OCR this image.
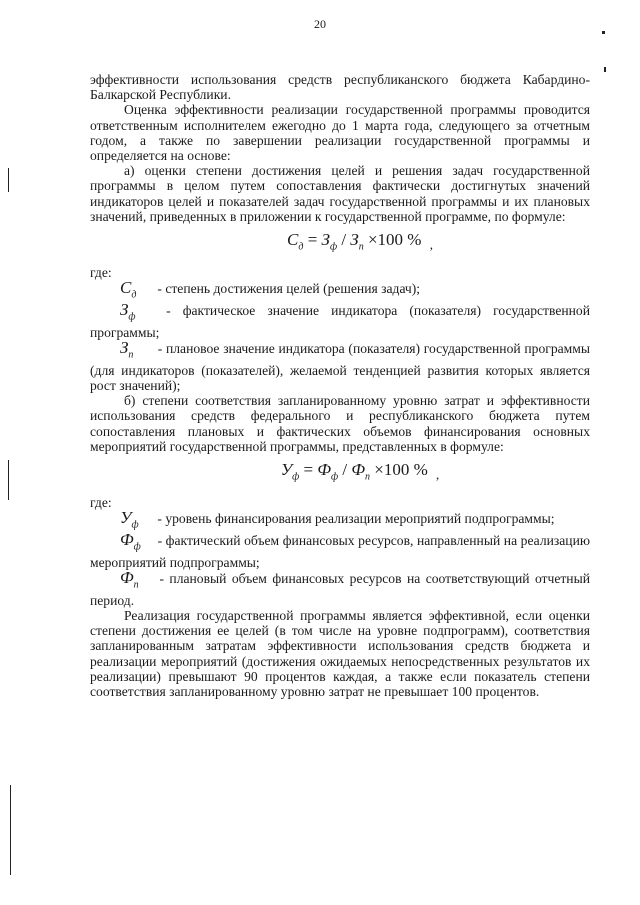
20

эффективности использования средств республиканского бюджета Кабардино-Балкарской Республики.

Оценка эффективности реализации государственной программы проводится ответственным исполнителем ежегодно до 1 марта года, следующего за отчетным годом, а также по завершении реализации государственной программы и определяется на основе:

а) оценки степени достижения целей и решения задач государственной программы в целом путем сопоставления фактически достигнутых значений индикаторов целей и показателей задач государственной программы и их плановых значений, приведенных в приложении к государственной программе, по формуле:

$C_д = З_ф / З_п \times 100$ % $_,$

где:

$C_д$ - степень достижения целей (решения задач);

$З_ф$ - фактическое значение индикатора (показателя) государственной программы;

$З_п$ - плановое значение индикатора (показателя) государственной программы (для индикаторов (показателей), желаемой тенденцией развития которых является рост значений);

б) степени соответствия запланированному уровню затрат и эффективности использования средств федерального и республиканского бюджета путем сопоставления плановых и фактических объемов финансирования основных мероприятий государственной программы, представленных в формуле:

$У_ф = Ф_ф / Ф_п \times 100$ % $_,$

где:

$У_ф$ - уровень финансирования реализации мероприятий подпрограммы;

$Ф_ф$ - фактический объем финансовых ресурсов, направленный на реализацию мероприятий подпрограммы;

$Ф_п$ - плановый объем финансовых ресурсов на соответствующий отчетный период.

Реализация государственной программы является эффективной, если оценки степени достижения ее целей (в том числе на уровне подпрограмм), соответствия запланированным затратам эффективности использования средств бюджета и реализации мероприятий (достижения ожидаемых непосредственных результатов их реализации) превышают 90 процентов каждая, а также если показатель степени соответствия запланированному уровню затрат не превышает 100 процентов.
